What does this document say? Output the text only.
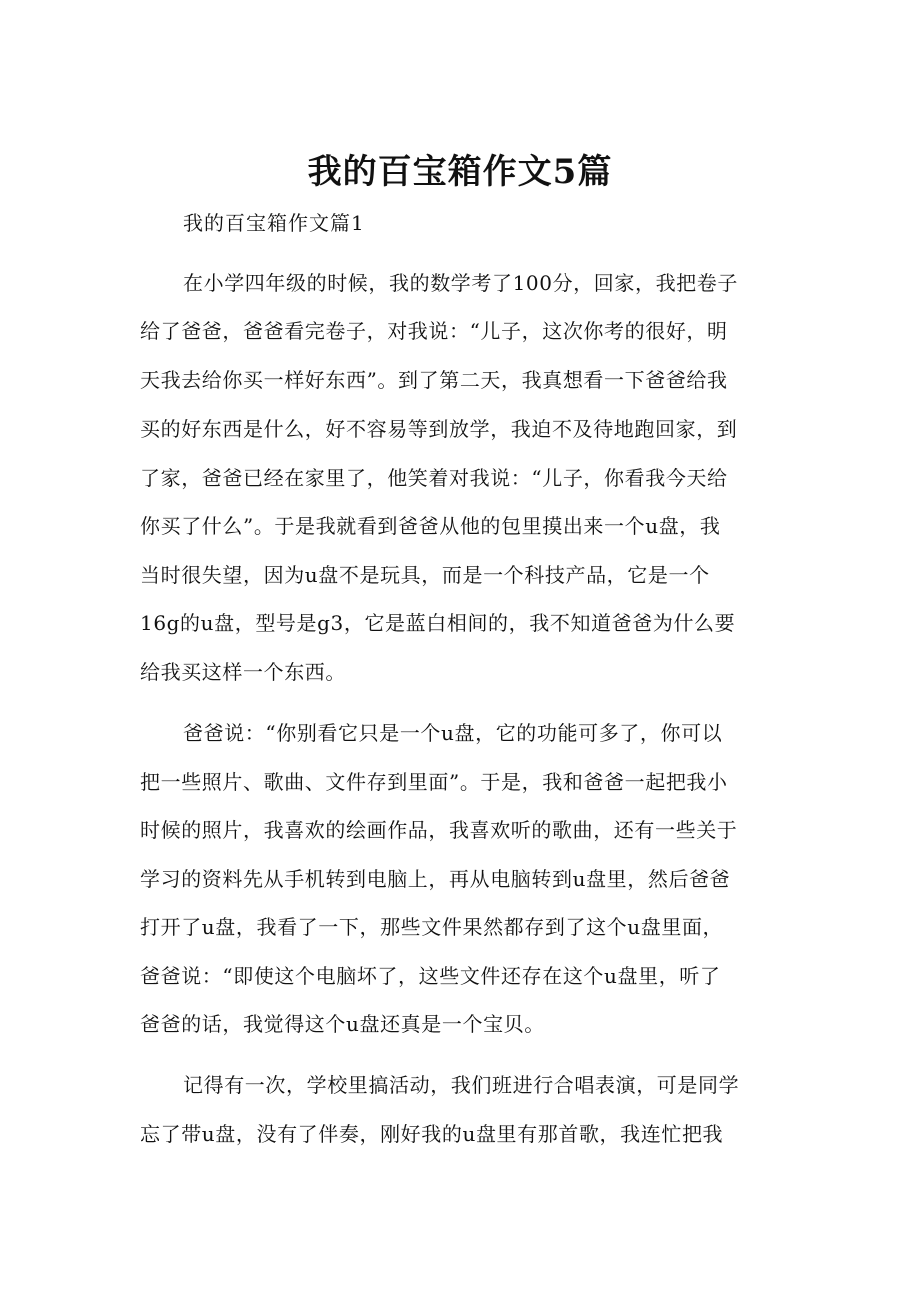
我的百宝箱作文5篇
我的百宝箱作文篇1
在小学四年级的时候，我的数学考了100分，回家，我把卷子
给了爸爸，爸爸看完卷子，对我说：“儿子，这次你考的很好，明
天我去给你买一样好东西”。到了第二天，我真想看一下爸爸给我
买的好东西是什么，好不容易等到放学，我迫不及待地跑回家，到
了家，爸爸已经在家里了，他笑着对我说：“儿子，你看我今天给
你买了什么”。于是我就看到爸爸从他的包里摸出来一个u盘，我
当时很失望，因为u盘不是玩具，而是一个科技产品，它是一个
16g的u盘，型号是g3，它是蓝白相间的，我不知道爸爸为什么要
给我买这样一个东西。
爸爸说：“你别看它只是一个u盘，它的功能可多了，你可以
把一些照片、歌曲、文件存到里面”。于是，我和爸爸一起把我小
时候的照片，我喜欢的绘画作品，我喜欢听的歌曲，还有一些关于
学习的资料先从手机转到电脑上，再从电脑转到u盘里，然后爸爸
打开了u盘，我看了一下，那些文件果然都存到了这个u盘里面，
爸爸说：“即使这个电脑坏了，这些文件还存在这个u盘里，听了
爸爸的话，我觉得这个u盘还真是一个宝贝。
记得有一次，学校里搞活动，我们班进行合唱表演，可是同学
忘了带u盘，没有了伴奏，刚好我的u盘里有那首歌，我连忙把我
